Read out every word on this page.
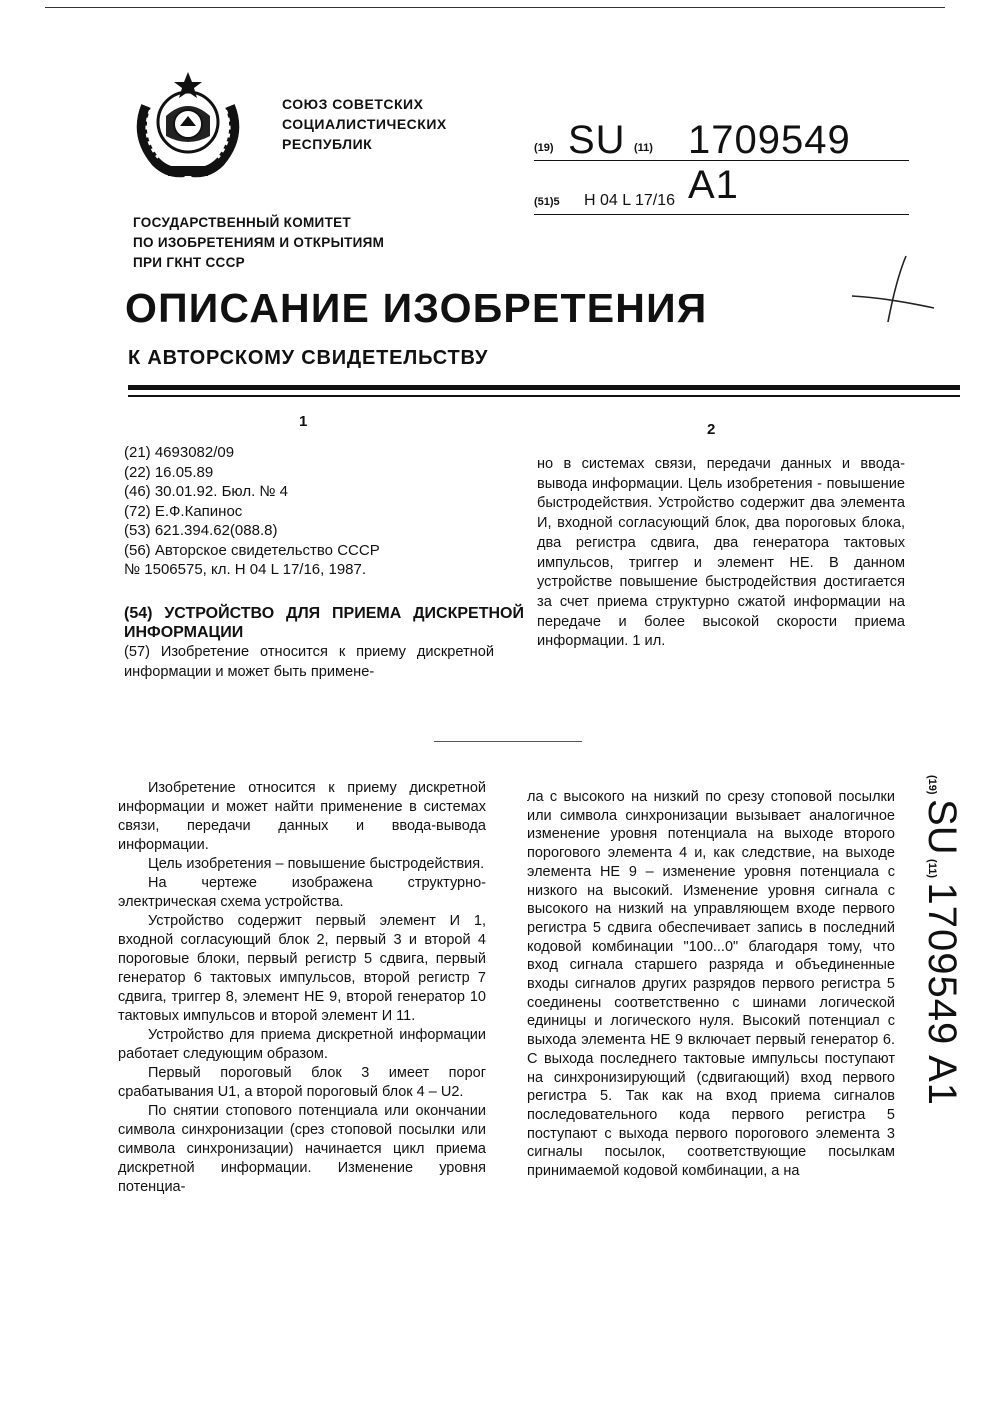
СОЮЗ СОВЕТСКИХ
СОЦИАЛИСТИЧЕСКИХ
РЕСПУБЛИК
ГОСУДАРСТВЕННЫЙ КОМИТЕТ
ПО ИЗОБРЕТЕНИЯМ И ОТКРЫТИЯМ
ПРИ ГКНТ СССР
(19) SU (11) 1709549 A1
(51)5 H 04 L 17/16
ОПИСАНИЕ ИЗОБРЕТЕНИЯ
К АВТОРСКОМУ СВИДЕТЕЛЬСТВУ
1	2
(21) 4693082/09
(22) 16.05.89
(46) 30.01.92. Бюл. № 4
(72) Е.Ф.Капинос
(53) 621.394.62(088.8)
(56) Авторское свидетельство СССР
№ 1506575, кл. H 04 L 17/16, 1987.
(54) УСТРОЙСТВО ДЛЯ ПРИЕМА ДИСКРЕТНОЙ ИНФОРМАЦИИ
(57) Изобретение относится к приему дискретной информации и может быть примене-
но в системах связи, передачи данных и ввода-вывода информации. Цель изобретения - повышение быстродействия. Устройство содержит два элемента И, входной согласующий блок, два пороговых блока, два регистра сдвига, два генератора тактовых импульсов, триггер и элемент НЕ. В данном устройстве повышение быстродействия достигается за счет приема структурно сжатой информации на передаче и более высокой скорости приема информации. 1 ил.

Изобретение относится к приему дискретной информации и может найти применение в системах связи, передачи данных и ввода-вывода информации.

Цель изобретения – повышение быстродействия.

На чертеже изображена структурно-электрическая схема устройства.

Устройство содержит первый элемент И 1, входной согласующий блок 2, первый 3 и второй 4 пороговые блоки, первый регистр 5 сдвига, первый генератор 6 тактовых импульсов, второй регистр 7 сдвига, триггер 8, элемент НЕ 9, второй генератор 10 тактовых импульсов и второй элемент И 11.

Устройство для приема дискретной информации работает следующим образом.

Первый пороговый блок 3 имеет порог срабатывания U1, а второй пороговый блок 4 – U2.

По снятии стопового потенциала или окончании символа синхронизации (срез стоповой посылки или символа синхронизации) начинается цикл приема дискретной информации. Изменение уровня потенциа-

ла с высокого на низкий по срезу стоповой посылки или символа синхронизации вызывает аналогичное изменение уровня потенциала на выходе второго порогового элемента 4 и, как следствие, на выходе элемента НЕ 9 – изменение уровня потенциала с низкого на высокий. Изменение уровня сигнала с высокого на низкий на управляющем входе первого регистра 5 сдвига обеспечивает запись в последний кодовой комбинации "100...0" благодаря тому, что вход сигнала старшего разряда и объединенные входы сигналов других разрядов первого регистра 5 соединены соответственно с шинами логической единицы и логического нуля. Высокий потенциал с выхода элемента НЕ 9 включает первый генератор 6. С выхода последнего тактовые импульсы поступают на синхронизирующий (сдвигающий) вход первого регистра 5. Так как на вход приема сигналов последовательного кода первого регистра 5 поступают с выхода первого порогового элемента 3 сигналы посылок, соответствующие посылкам принимаемой кодовой комбинации, а на
(19) SU (11) 1709549 A1
